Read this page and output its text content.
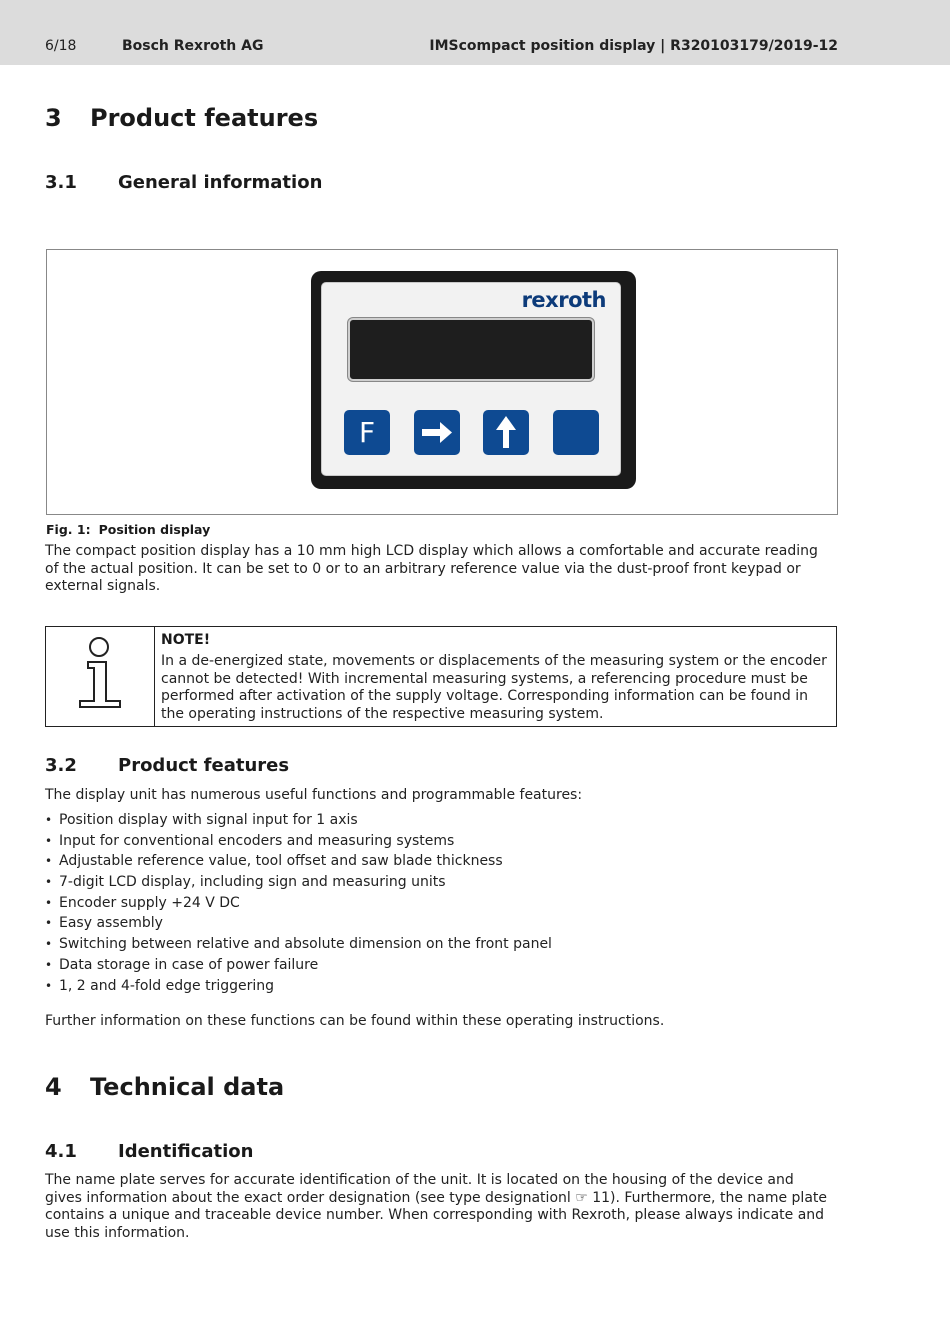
6/18	Bosch Rexroth AG	IMScompact position display | R320103179/2019-12
3 Product features
3.1 General information
rexroth
F
Fig. 1: Position display

The compact position display has a 10 mm high LCD display which allows a comfortable and accurate reading of the actual position. It can be set to 0 or to an arbitrary reference value via the dust-proof front keypad or external signals.

NOTE!
In a de-energized state, movements or displacements of the measuring system or the encoder cannot be detected! With incremental measuring systems, a referencing procedure must be performed after activation of the supply voltage. Corresponding information can be found in the operating instructions of the respective measuring system.
3.2 Product features

The display unit has numerous useful functions and programmable features:

• Position display with signal input for 1 axis
• Input for conventional encoders and measuring systems
• Adjustable reference value, tool offset and saw blade thickness
• 7-digit LCD display, including sign and measuring units
• Encoder supply +24 V DC
• Easy assembly
• Switching between relative and absolute dimension on the front panel
• Data storage in case of power failure
• 1, 2 and 4-fold edge triggering

Further information on these functions can be found within these operating instructions.

4 Technical data
4.1 Identification

The name plate serves for accurate identification of the unit. It is located on the housing of the device and gives information about the exact order designation (see type designationl ☞ 11). Furthermore, the name plate contains a unique and traceable device number. When corresponding with Rexroth, please always indicate and use this information.
